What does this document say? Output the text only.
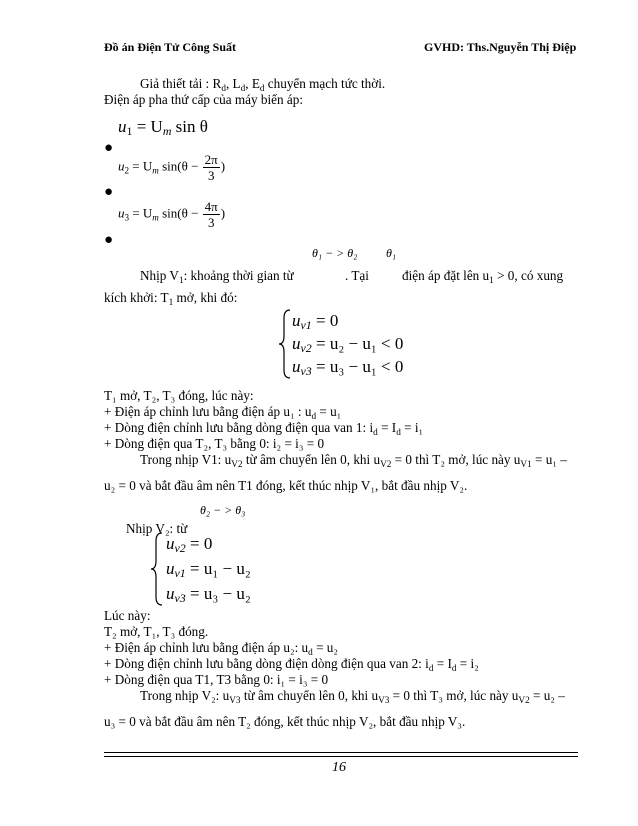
Đồ án Điện Tử Công Suất	GVHD: Ths.Nguyễn Thị Điệp
Giả thiết tải : $R_d$, $L_d$, $E_d$ chuyển mạch tức thời.
Điện áp pha thứ cấp của máy biến áp:
$u_1 = U_m$ sin θ
●
$u_2 = U_m$ $\sin(\theta - \frac{2\pi}{3}$ )
●
$u_3 = U_m$ $\sin(\theta - \frac{4\pi}{3}$ )
●
θ₁ − > θ₂ θ₁
Nhịp $V_1$: khoảng thời gian từ	. Tại	điện áp đặt lên $u_1 > 0$, có xung
kích khởi: $T_1$ mở, khi đó:
$u_{v1} = 0$
$u_{v2} = u_2 - u_1 < 0$
$u_{v3} = u_3 - u_1 < 0$
T₁ mở, T₂, T₃ đóng, lúc này:
+ Điện áp chỉnh lưu bằng điện áp u₁ : $u_d = u_1$
+ Dòng điện chỉnh lưu bằng dòng điện qua van 1: $i_d = I_d = i_1$
+ Dòng điện qua T₂, T₃ bằng 0: i₂ = i₃ = 0
Trong nhịp V1: $u_{V2}$ từ âm chuyển lên 0, khi $u_{V2} = 0$ thì T₂ mở, lúc này $u_{V1} = u_1$ –
u₂ = 0 và bắt đầu âm nên T1 đóng, kết thúc nhịp V₁, bắt đầu nhịp V₂.
θ₂ − > θ₃
Nhịp V₂: từ
$u_{v2} = 0$
$u_{v1} = u_1 - u_2$
$u_{v3} = u_3 - u_2$
Lúc này:
T₂ mở, T₁, T₃ đóng.
+ Điện áp chỉnh lưu bằng điện áp u₂: $u_d = u_2$
+ Dòng điện chỉnh lưu bằng dòng điện dòng điện qua van 2: $i_d = I_d = i_2$
+ Dòng điện qua T1, T3 bằng 0: i₁ = i₃ = 0
Trong nhịp V₂: $u_{V3}$ từ âm chuyển lên 0, khi $u_{V3} = 0$ thì T₃ mở, lúc này $u_{V2} = u_2$ –
u₃ = 0 và bắt đầu âm nên T₂ đóng, kết thúc nhịp V₂, bắt đầu nhịp V₃.
16
